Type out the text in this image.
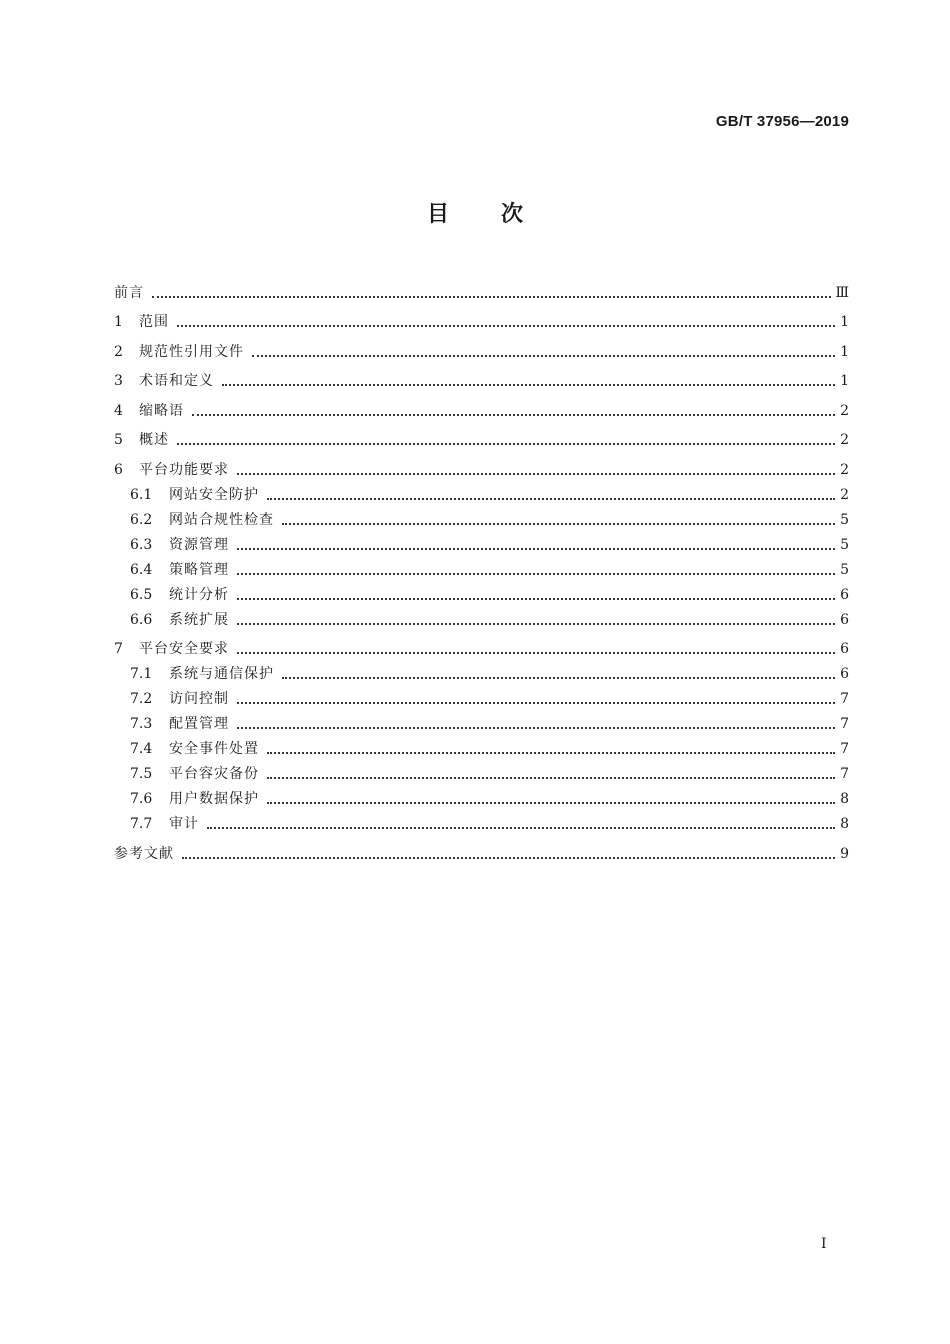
GB/T 37956—2019
目 次
前言	Ⅲ
1	范围	1
2	规范性引用文件	1
3	术语和定义	1
4	缩略语	2
5	概述	2
6	平台功能要求	2
6.1	网站安全防护	2
6.2	网站合规性检查	5
6.3	资源管理	5
6.4	策略管理	5
6.5	统计分析	6
6.6	系统扩展	6
7	平台安全要求	6
7.1	系统与通信保护	6
7.2	访问控制	7
7.3	配置管理	7
7.4	安全事件处置	7
7.5	平台容灾备份	7
7.6	用户数据保护	8
7.7	审计	8
参考文献	9
Ⅰ
